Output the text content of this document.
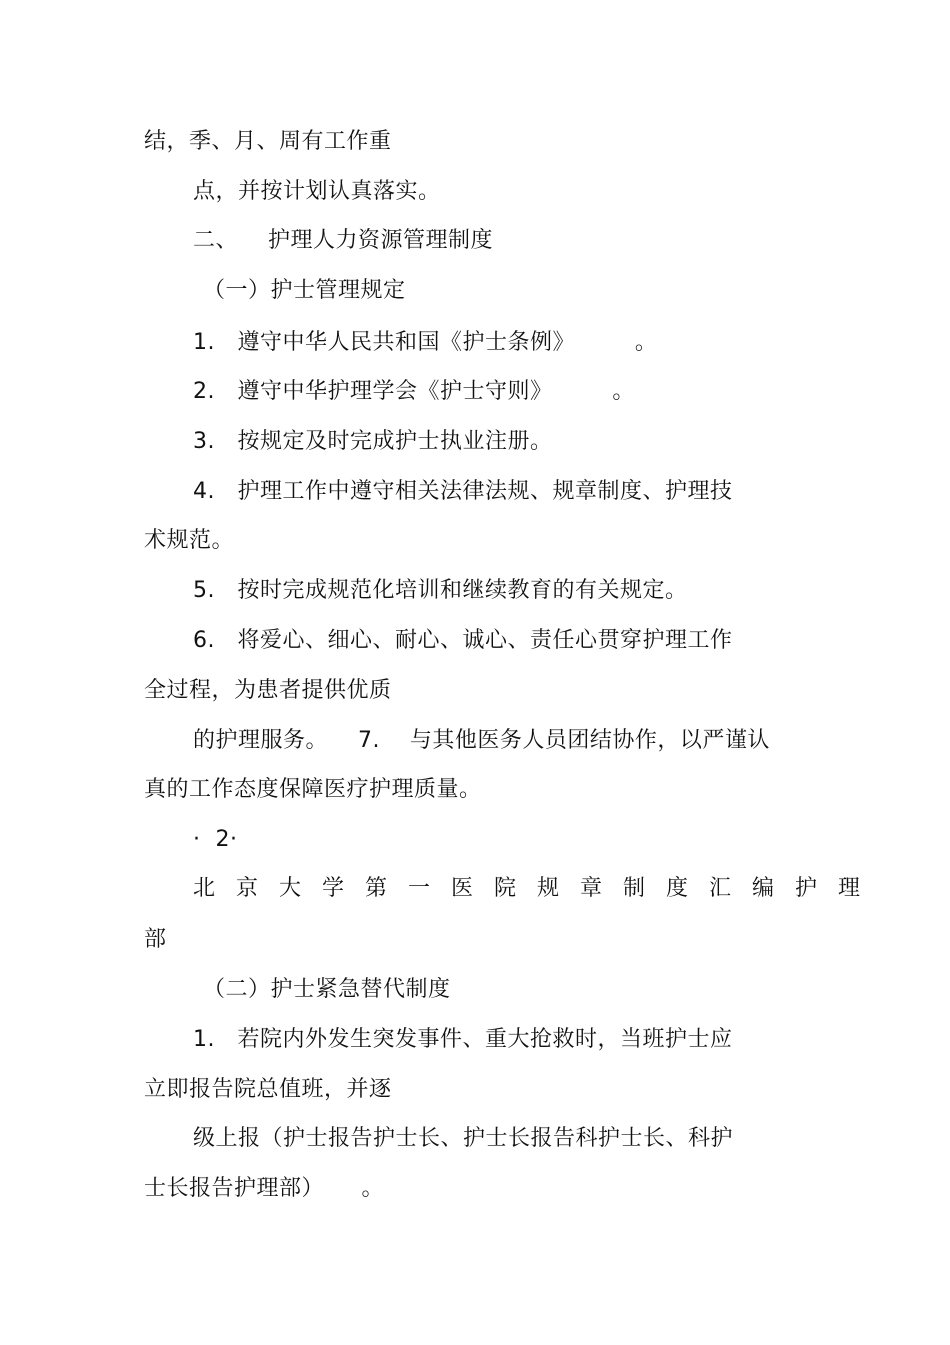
结，季、月、周有工作重
点，并按计划认真落实。
二、    护理人力资源管理制度
（一）护士管理规定
1.   遵守中华人民共和国《护士条例》        。
2.   遵守中华护理学会《护士守则》        。
3.   按规定及时完成护士执业注册。
4.   护理工作中遵守相关法律法规、规章制度、护理技
术规范。
5.   按时完成规范化培训和继续教育的有关规定。
6.   将爱心、细心、耐心、诚心、责任心贯穿护理工作
全过程，为患者提供优质
的护理服务。    7.    与其他医务人员团结协作，以严谨认
真的工作态度保障医疗护理质量。
·  2·
北京大学第一医院规章制度汇编护理
部
（二）护士紧急替代制度
1.   若院内外发生突发事件、重大抢救时，当班护士应
立即报告院总值班，并逐
级上报（护士报告护士长、护士长报告科护士长、科护
士长报告护理部）     。
